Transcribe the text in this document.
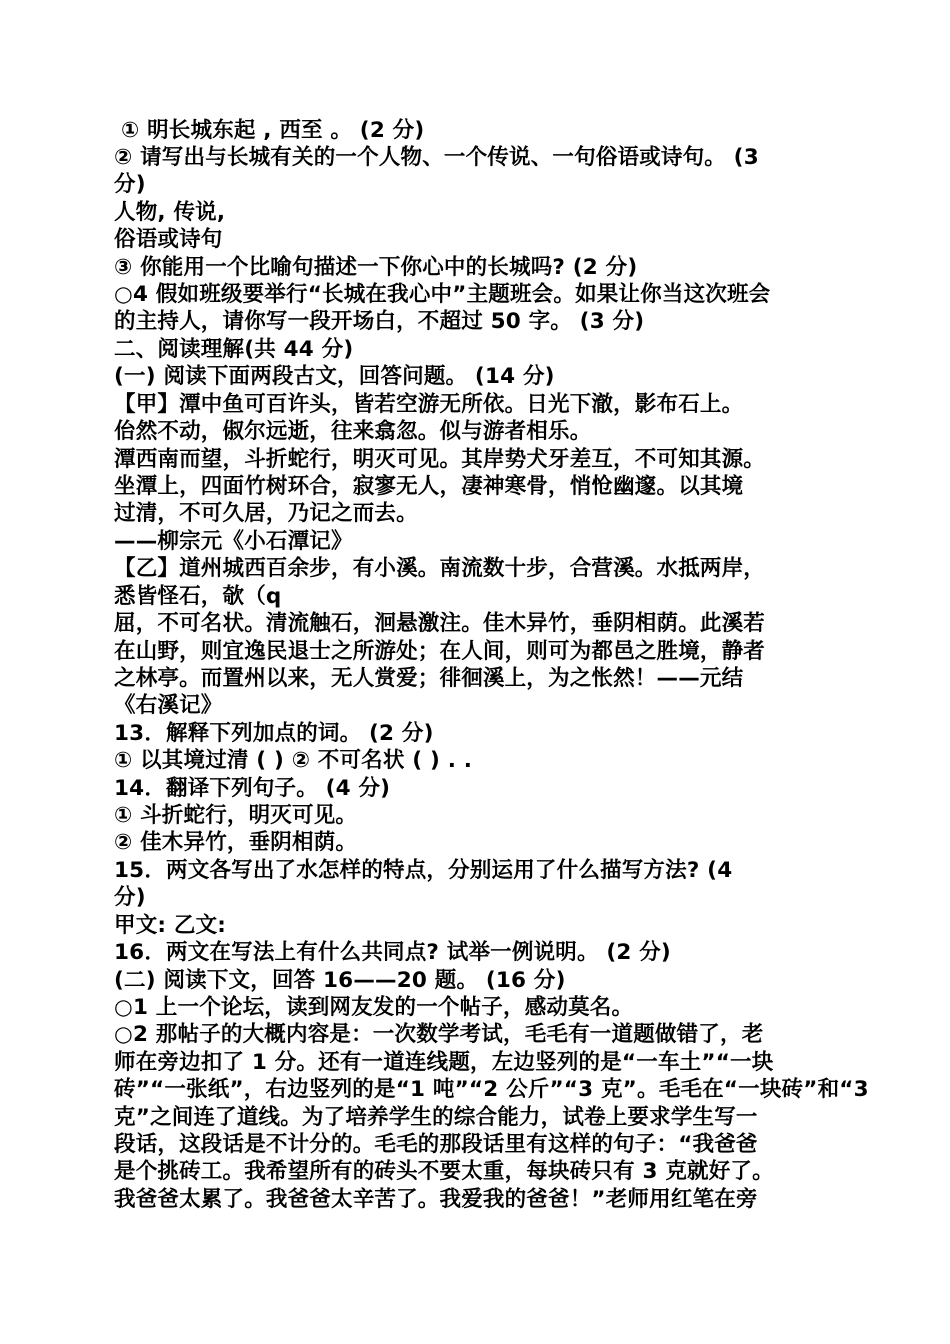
① 明长城东起 , 西至 。 (2 分)
② 请写出与长城有关的一个人物、一个传说、一句俗语或诗句。 (3
分)
人物, 传说,
俗语或诗句
③ 你能用一个比喻句描述一下你心中的长城吗? (2 分)
○4 假如班级要举行“长城在我心中”主题班会。如果让你当这次班会
的主持人，请你写一段开场白，不超过 50 字。 (3 分)
二、阅读理解(共 44 分)
(一) 阅读下面两段古文，回答问题。 (14 分)
【甲】潭中鱼可百许头，皆若空游无所依。日光下澈，影布石上。
佁然不动，俶尔远逝，往来翕忽。似与游者相乐。
潭西南而望，斗折蛇行，明灭可见。其岸势犬牙差互，不可知其源。
坐潭上，四面竹树环合，寂寥无人，凄神寒骨，悄怆幽邃。以其境
过清，不可久居，乃记之而去。
——柳宗元《小石潭记》
【乙】道州城西百余步，有小溪。南流数十步，合营溪。水抵两岸，
悉皆怪石，欹（q
屈，不可名状。清流触石，洄悬激注。佳木异竹，垂阴相荫。此溪若
在山野，则宜逸民退士之所游处；在人间，则可为都邑之胜境，静者
之林亭。而置州以来，无人赏爱；徘徊溪上，为之怅然！——元结
《右溪记》
13．解释下列加点的词。 (2 分)
① 以其境过清 ( ) ② 不可名状 ( ) . .
14．翻译下列句子。 (4 分)
① 斗折蛇行，明灭可见。
② 佳木异竹，垂阴相荫。
15．两文各写出了水怎样的特点，分别运用了什么描写方法? (4
分)
甲文: 乙文:
16．两文在写法上有什么共同点? 试举一例说明。 (2 分)
(二) 阅读下文，回答 16——20 题。 (16 分)
○1 上一个论坛，读到网友发的一个帖子，感动莫名。
○2 那帖子的大概内容是：一次数学考试，毛毛有一道题做错了，老
师在旁边扣了 1 分。还有一道连线题，左边竖列的是“一车土”“一块
砖”“一张纸”，右边竖列的是“1 吨”“2 公斤”“3 克”。毛毛在“一块砖”和“3
克”之间连了道线。为了培养学生的综合能力，试卷上要求学生写一
段话，这段话是不计分的。毛毛的那段话里有这样的句子：“我爸爸
是个挑砖工。我希望所有的砖头不要太重，每块砖只有 3 克就好了。
我爸爸太累了。我爸爸太辛苦了。我爱我的爸爸！”老师用红笔在旁
